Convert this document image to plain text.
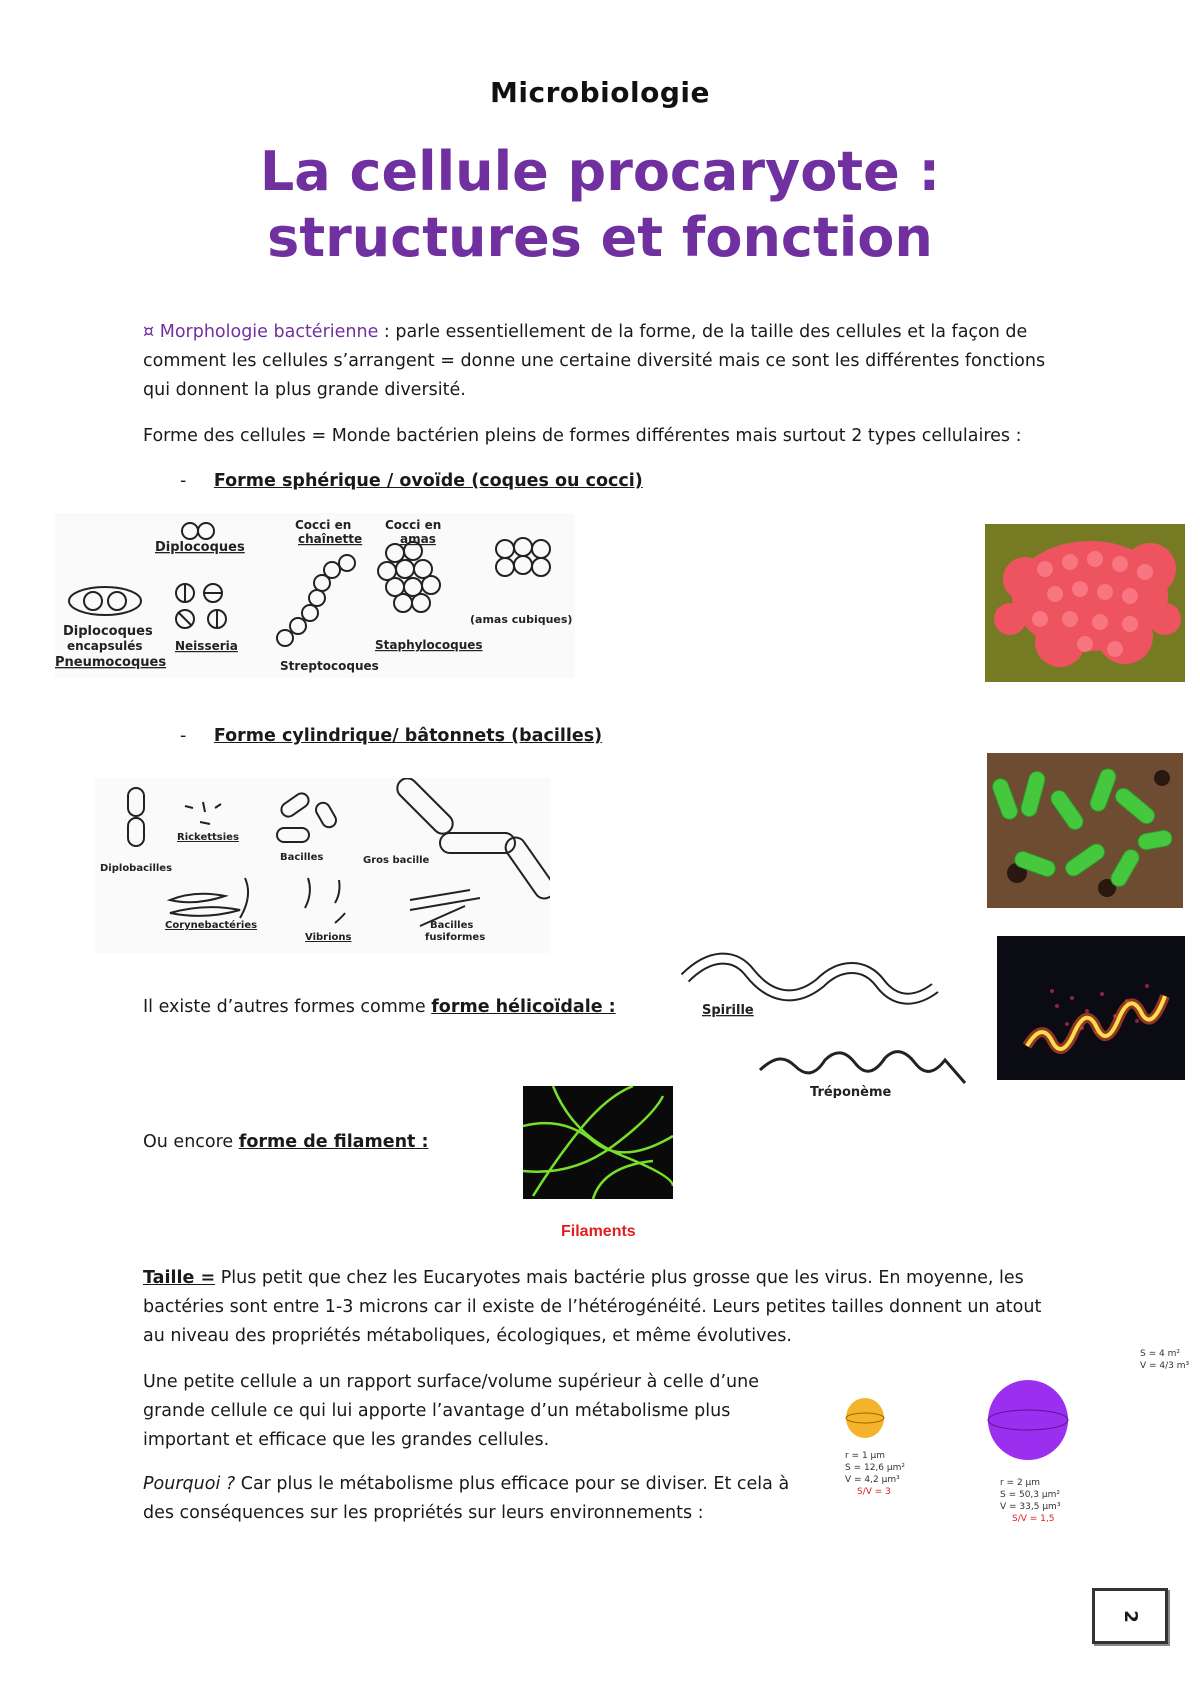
Microbiologie
La cellule procaryote :
structures et fonction
¤ Morphologie bactérienne : parle essentiellement de la forme, de la taille des cellules et la façon de comment les cellules s’arrangent = donne une certaine diversité mais ce sont les différentes fonctions qui donnent la plus grande diversité.
Forme des cellules = Monde bactérien pleins de formes différentes mais surtout 2 types cellulaires :
- Forme sphérique / ovoïde (coques ou cocci)
Diplocoques
Cocci en
chaînette
Cocci en
amas
Diplocoques
encapsulés
Pneumocoques
Neisseria
Streptocoques
Staphylocoques
(amas cubiques)
- Forme cylindrique/ bâtonnets (bacilles)
Diplobacilles
Rickettsies
Bacilles	Gros bacille
Corynebactéries
Vibrions
Bacilles
fusiformes
Il existe d’autres formes comme forme hélicoïdale :	Spirille
Tréponème
Ou encore forme de filament :
Filaments
Taille = Plus petit que chez les Eucaryotes mais bactérie plus grosse que les virus. En moyenne, les bactéries sont entre 1-3 microns car il existe de l’hétérogénéité. Leurs petites tailles donnent un atout au niveau des propriétés métaboliques, écologiques, et même évolutives.
Une petite cellule a un rapport surface/volume supérieur à celle d’une grande cellule ce qui lui apporte l’avantage d’un métabolisme plus important et efficace que les grandes cellules.
Pourquoi ? Car plus le métabolisme plus efficace pour se diviser. Et cela à des conséquences sur les propriétés sur leurs environnements :
S = 4 m²
V = 4/3 m³
r = 1 µm
S = 12,6 µm²
V = 4,2 µm³
S/V = 3
r = 2 µm
S = 50,3 µm²
V = 33,5 µm³
S/V = 1,5
2
